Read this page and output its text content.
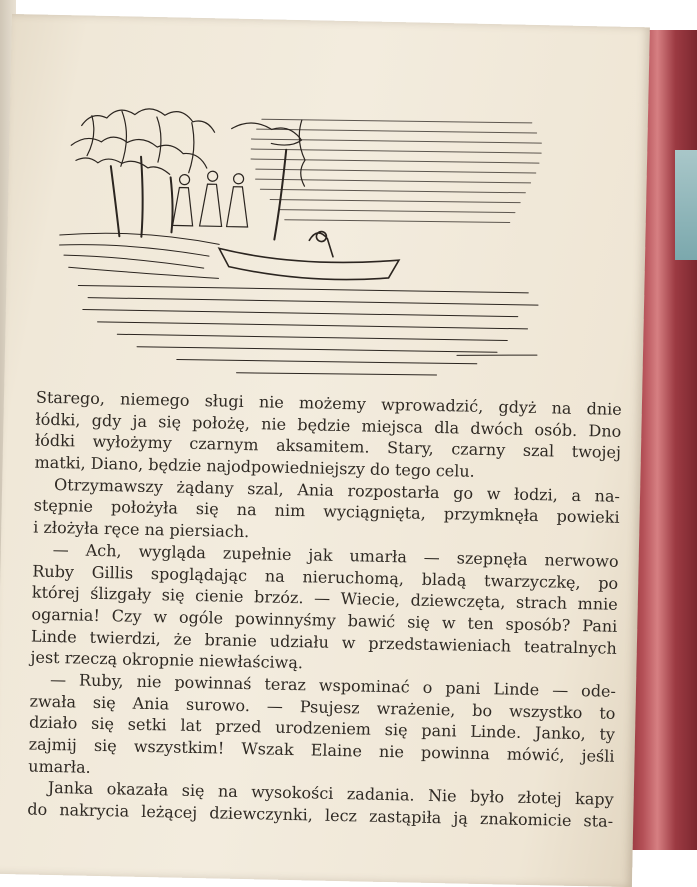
Starego, niemego sługi nie możemy wprowadzić, gdyż na dnie
łódki, gdy ja się położę, nie będzie miejsca dla dwóch osób. Dno
łódki wyłożymy czarnym aksamitem. Stary, czarny szal twojej
matki, Diano, będzie najodpowiedniejszy do tego celu.
Otrzymawszy żądany szal, Ania rozpostarła go w łodzi, a na-
stępnie położyła się na nim wyciągnięta, przymknęła powieki
i złożyła ręce na piersiach.
— Ach, wygląda zupełnie jak umarła — szepnęła nerwowo
Ruby Gillis spoglądając na nieruchomą, bladą twarzyczkę, po
której ślizgały się cienie brzóz. — Wiecie, dziewczęta, strach mnie
ogarnia! Czy w ogóle powinnyśmy bawić się w ten sposób? Pani
Linde twierdzi, że branie udziału w przedstawieniach teatralnych
jest rzeczą okropnie niewłaściwą.
— Ruby, nie powinnaś teraz wspominać o pani Linde — ode-
zwała się Ania surowo. — Psujesz wrażenie, bo wszystko to
działo się setki lat przed urodzeniem się pani Linde. Janko, ty
zajmij się wszystkim! Wszak Elaine nie powinna mówić, jeśli
umarła.
Janka okazała się na wysokości zadania. Nie było złotej kapy
do nakrycia leżącej dziewczynki, lecz zastąpiła ją znakomicie sta-
